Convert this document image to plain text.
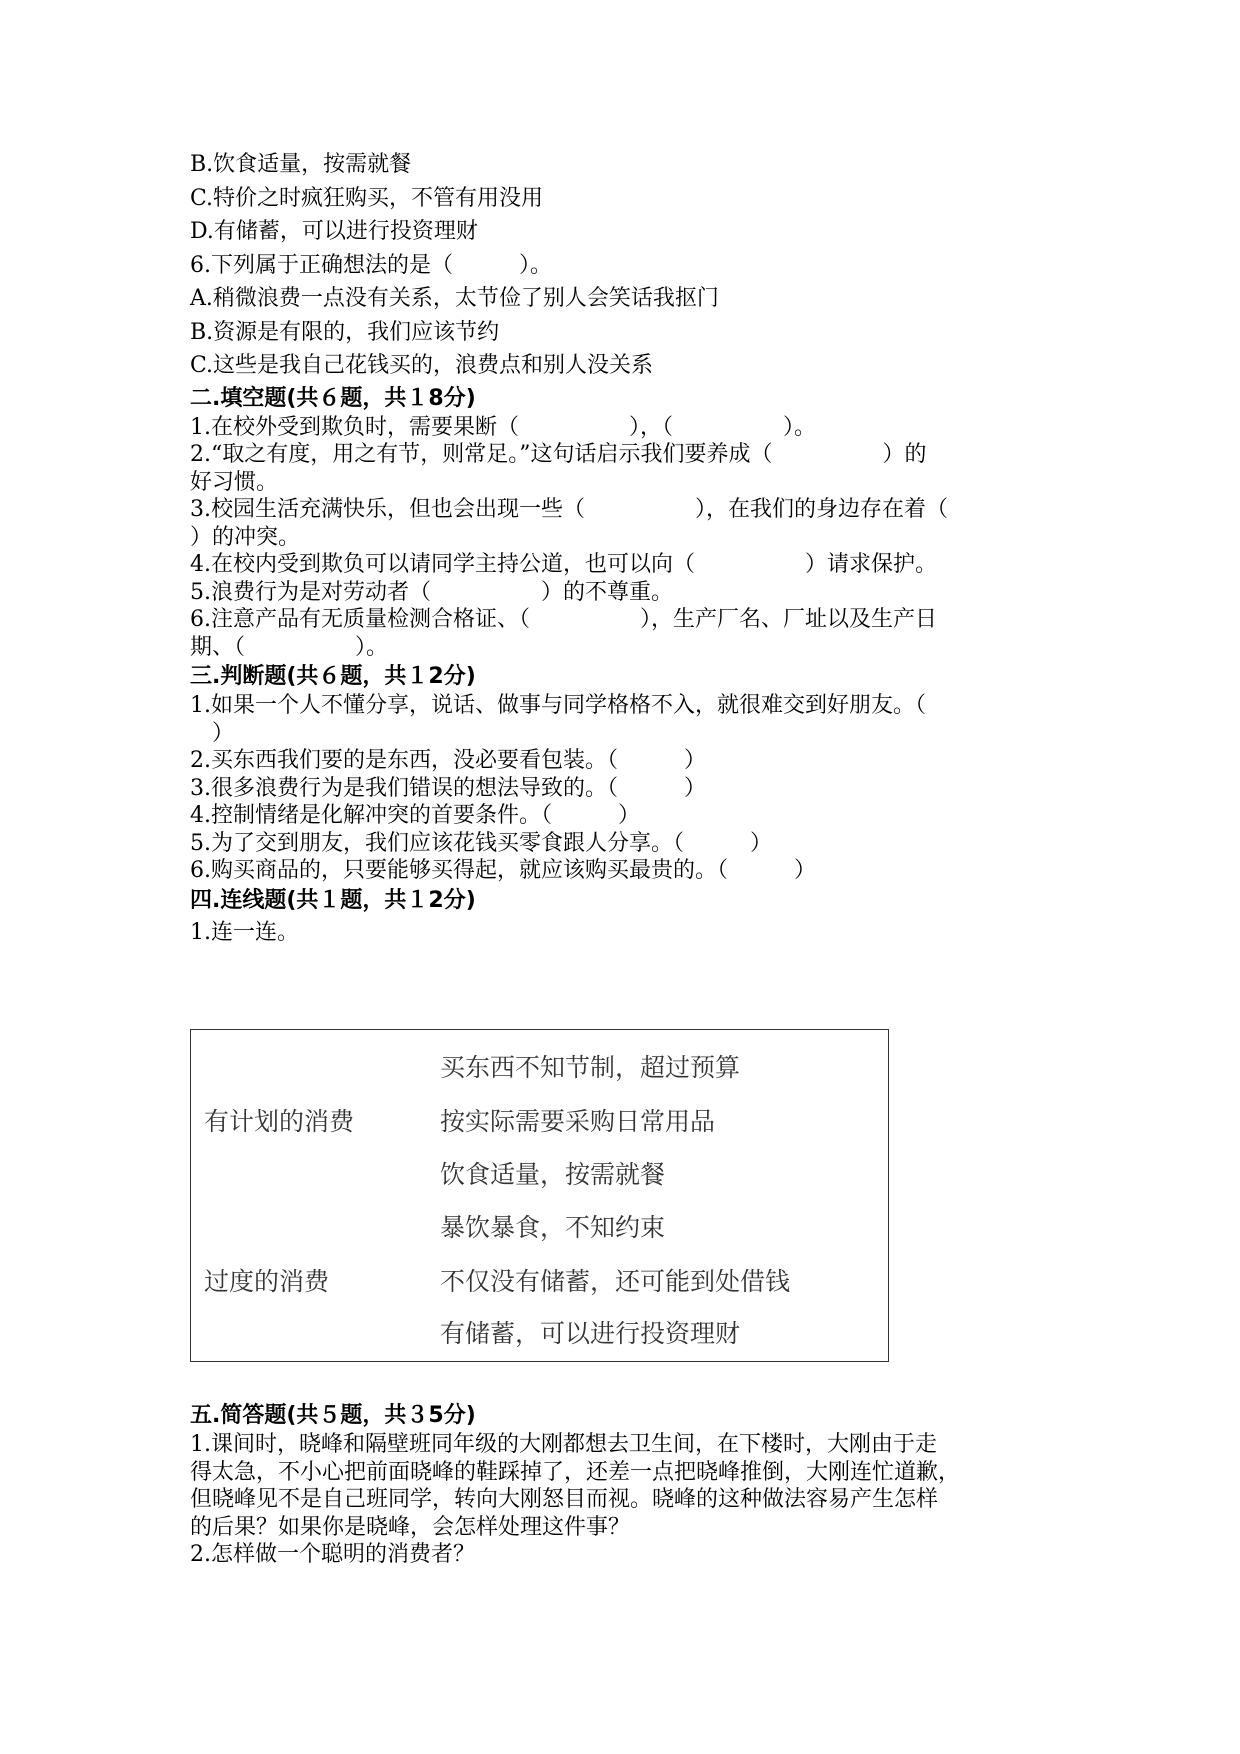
B.饮食适量，按需就餐
C.特价之时疯狂购买，不管有用没用
D.有储蓄，可以进行投资理财
6.下列属于正确想法的是（　　　）。
A.稍微浪费一点没有关系，太节俭了别人会笑话我抠门
B.资源是有限的，我们应该节约
C.这些是我自己花钱买的，浪费点和别人没关系
二.填空题(共６题，共１8分)

1.在校外受到欺负时，需要果断（　　　　　），（　　　　　）。

2.“取之有度，用之有节，则常足。”这句话启示我们要养成（　　　　　）的

好习惯。

3.校园生活充满快乐，但也会出现一些（　　　　　），在我们的身边存在着（

）的冲突。

4.在校内受到欺负可以请同学主持公道，也可以向（　　　　　）请求保护。

5.浪费行为是对劳动者（　　　　　）的不尊重。

6.注意产品有无质量检测合格证、（　　　　　），生产厂名、厂址以及生产日

期、（　　　　　）。

三.判断题(共６题，共１2分)

1.如果一个人不懂分享，说话、做事与同学格格不入，就很难交到好朋友。（

　）

2.买东西我们要的是东西，没必要看包装。（　　　）

3.很多浪费行为是我们错误的想法导致的。（　　　）

4.控制情绪是化解冲突的首要条件。（　　　）

5.为了交到朋友，我们应该花钱买零食跟人分享。（　　　）

6.购买商品的，只要能够买得起，就应该购买最贵的。（　　　）

四.连线题(共１题，共１2分)
1.连一连。
买东西不知节制，超过预算
有计划的消费	按实际需要采购日常用品
饮食适量，按需就餐
暴饮暴食，不知约束
过度的消费	不仅没有储蓄，还可能到处借钱
有储蓄，可以进行投资理财
五.简答题(共５题，共３5分)

1.课间时，晓峰和隔壁班同年级的大刚都想去卫生间，在下楼时，大刚由于走

得太急，不小心把前面晓峰的鞋踩掉了，还差一点把晓峰推倒，大刚连忙道歉，

但晓峰见不是自己班同学，转向大刚怒目而视。晓峰的这种做法容易产生怎样

的后果？如果你是晓峰，会怎样处理这件事？

2.怎样做一个聪明的消费者？
